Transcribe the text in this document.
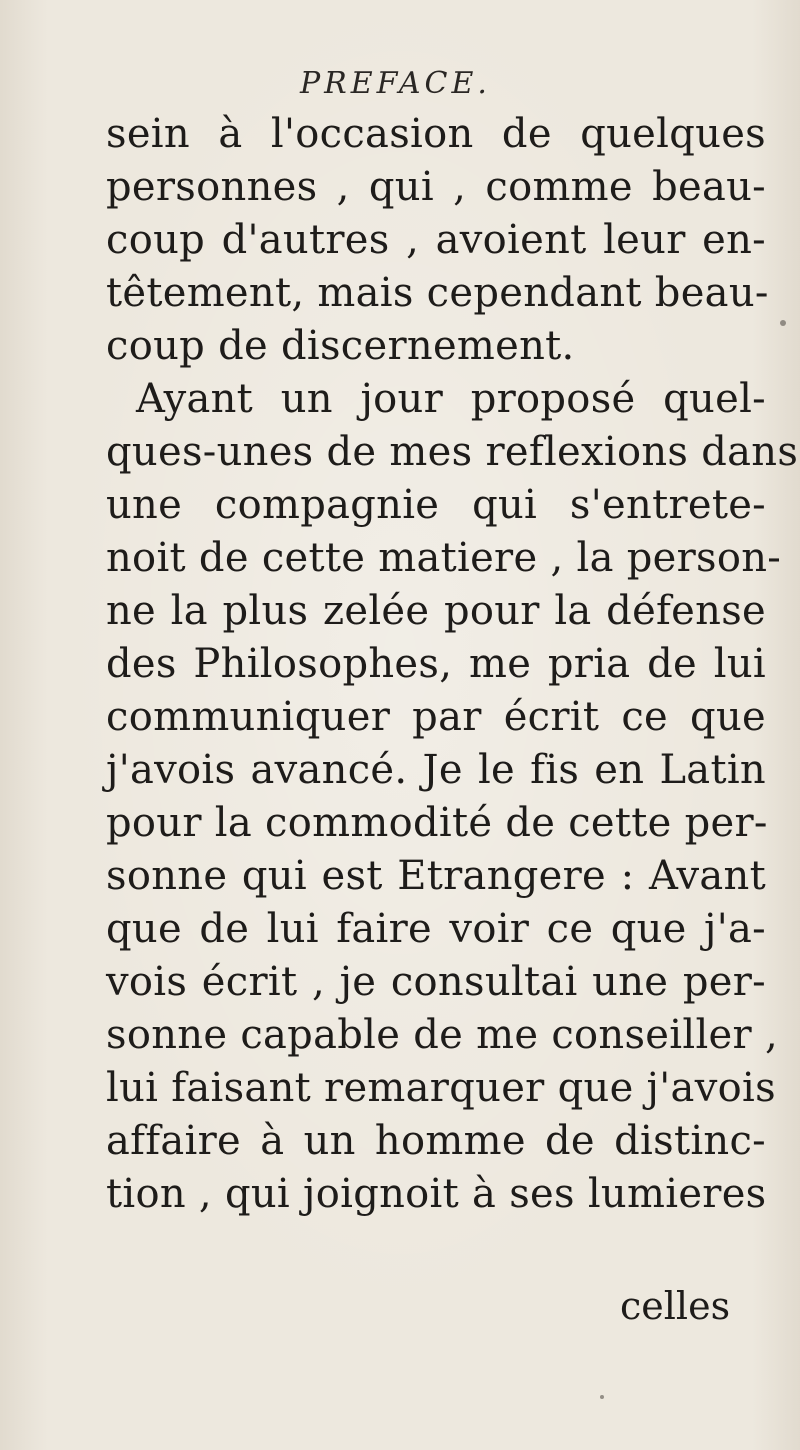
PREFACE.
sein à l'occasion de quelques
personnes , qui , comme beau-
coup d'autres , avoient leur en-
têtement, mais cependant beau-
coup de discernement.
Ayant un jour proposé quel-
ques-unes de mes reflexions dans
une compagnie qui s'entrete-
noit de cette matiere , la person-
ne la plus zelée pour la défense
des Philosophes, me pria de lui
communiquer par écrit ce que
j'avois avancé. Je le fis en Latin
pour la commodité de cette per-
sonne qui est Etrangere : Avant
que de lui faire voir ce que j'a-
vois écrit , je consultai une per-
sonne capable de me conseiller ,
lui faisant remarquer que j'avois
affaire à un homme de distinc-
tion , qui joignoit à ses lumieres
celles
